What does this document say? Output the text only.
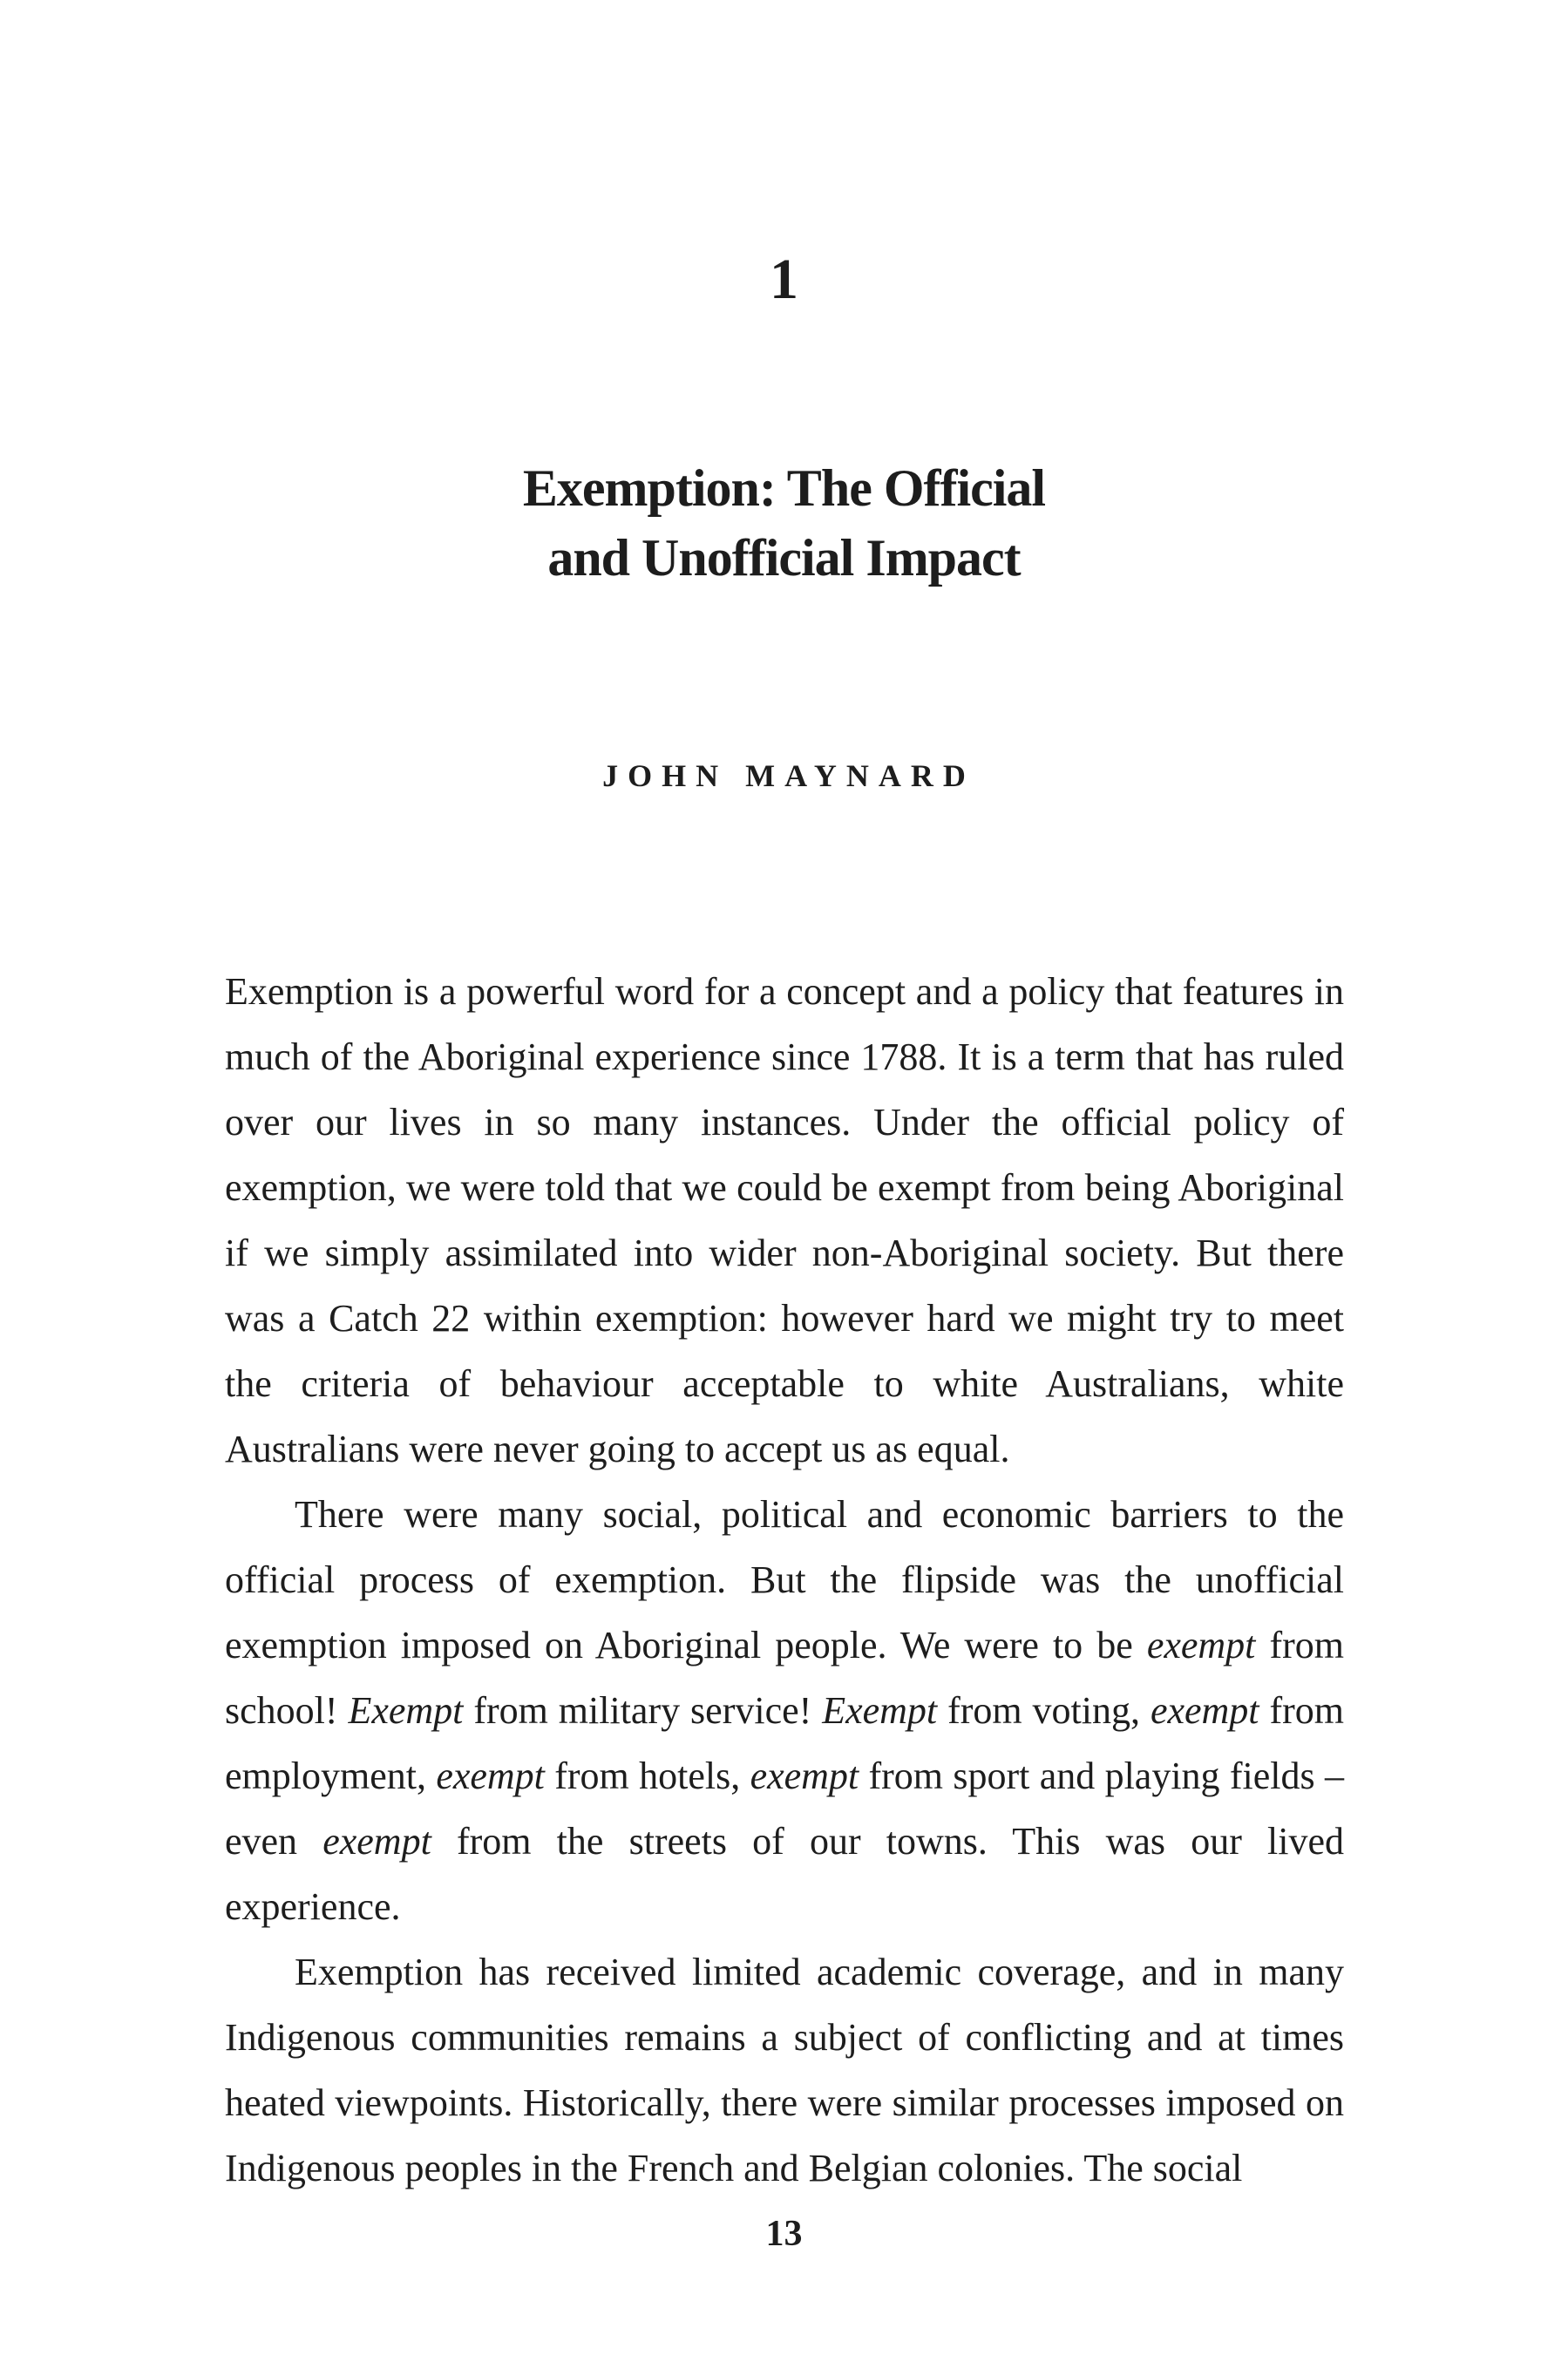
1
Exemption: The Official
and Unofficial Impact
JOHN MAYNARD

Exemption is a powerful word for a concept and a policy that features in much of the Aboriginal experience since 1788. It is a term that has ruled over our lives in so many instances. Under the official policy of exemption, we were told that we could be exempt from being Aboriginal if we simply assimilated into wider non-Aboriginal society. But there was a Catch 22 within exemption: however hard we might try to meet the criteria of behaviour acceptable to white Australians, white Australians were never going to accept us as equal.

There were many social, political and economic barriers to the official process of exemption. But the flipside was the unofficial exemption imposed on Aboriginal people. We were to be exempt from school! Exempt from military service! Exempt from voting, exempt from employment, exempt from hotels, exempt from sport and playing fields – even exempt from the streets of our towns. This was our lived experience.

Exemption has received limited academic coverage, and in many Indigenous communities remains a subject of conflicting and at times heated viewpoints. Historically, there were similar processes imposed on Indigenous peoples in the French and Belgian colonies. The social

13
